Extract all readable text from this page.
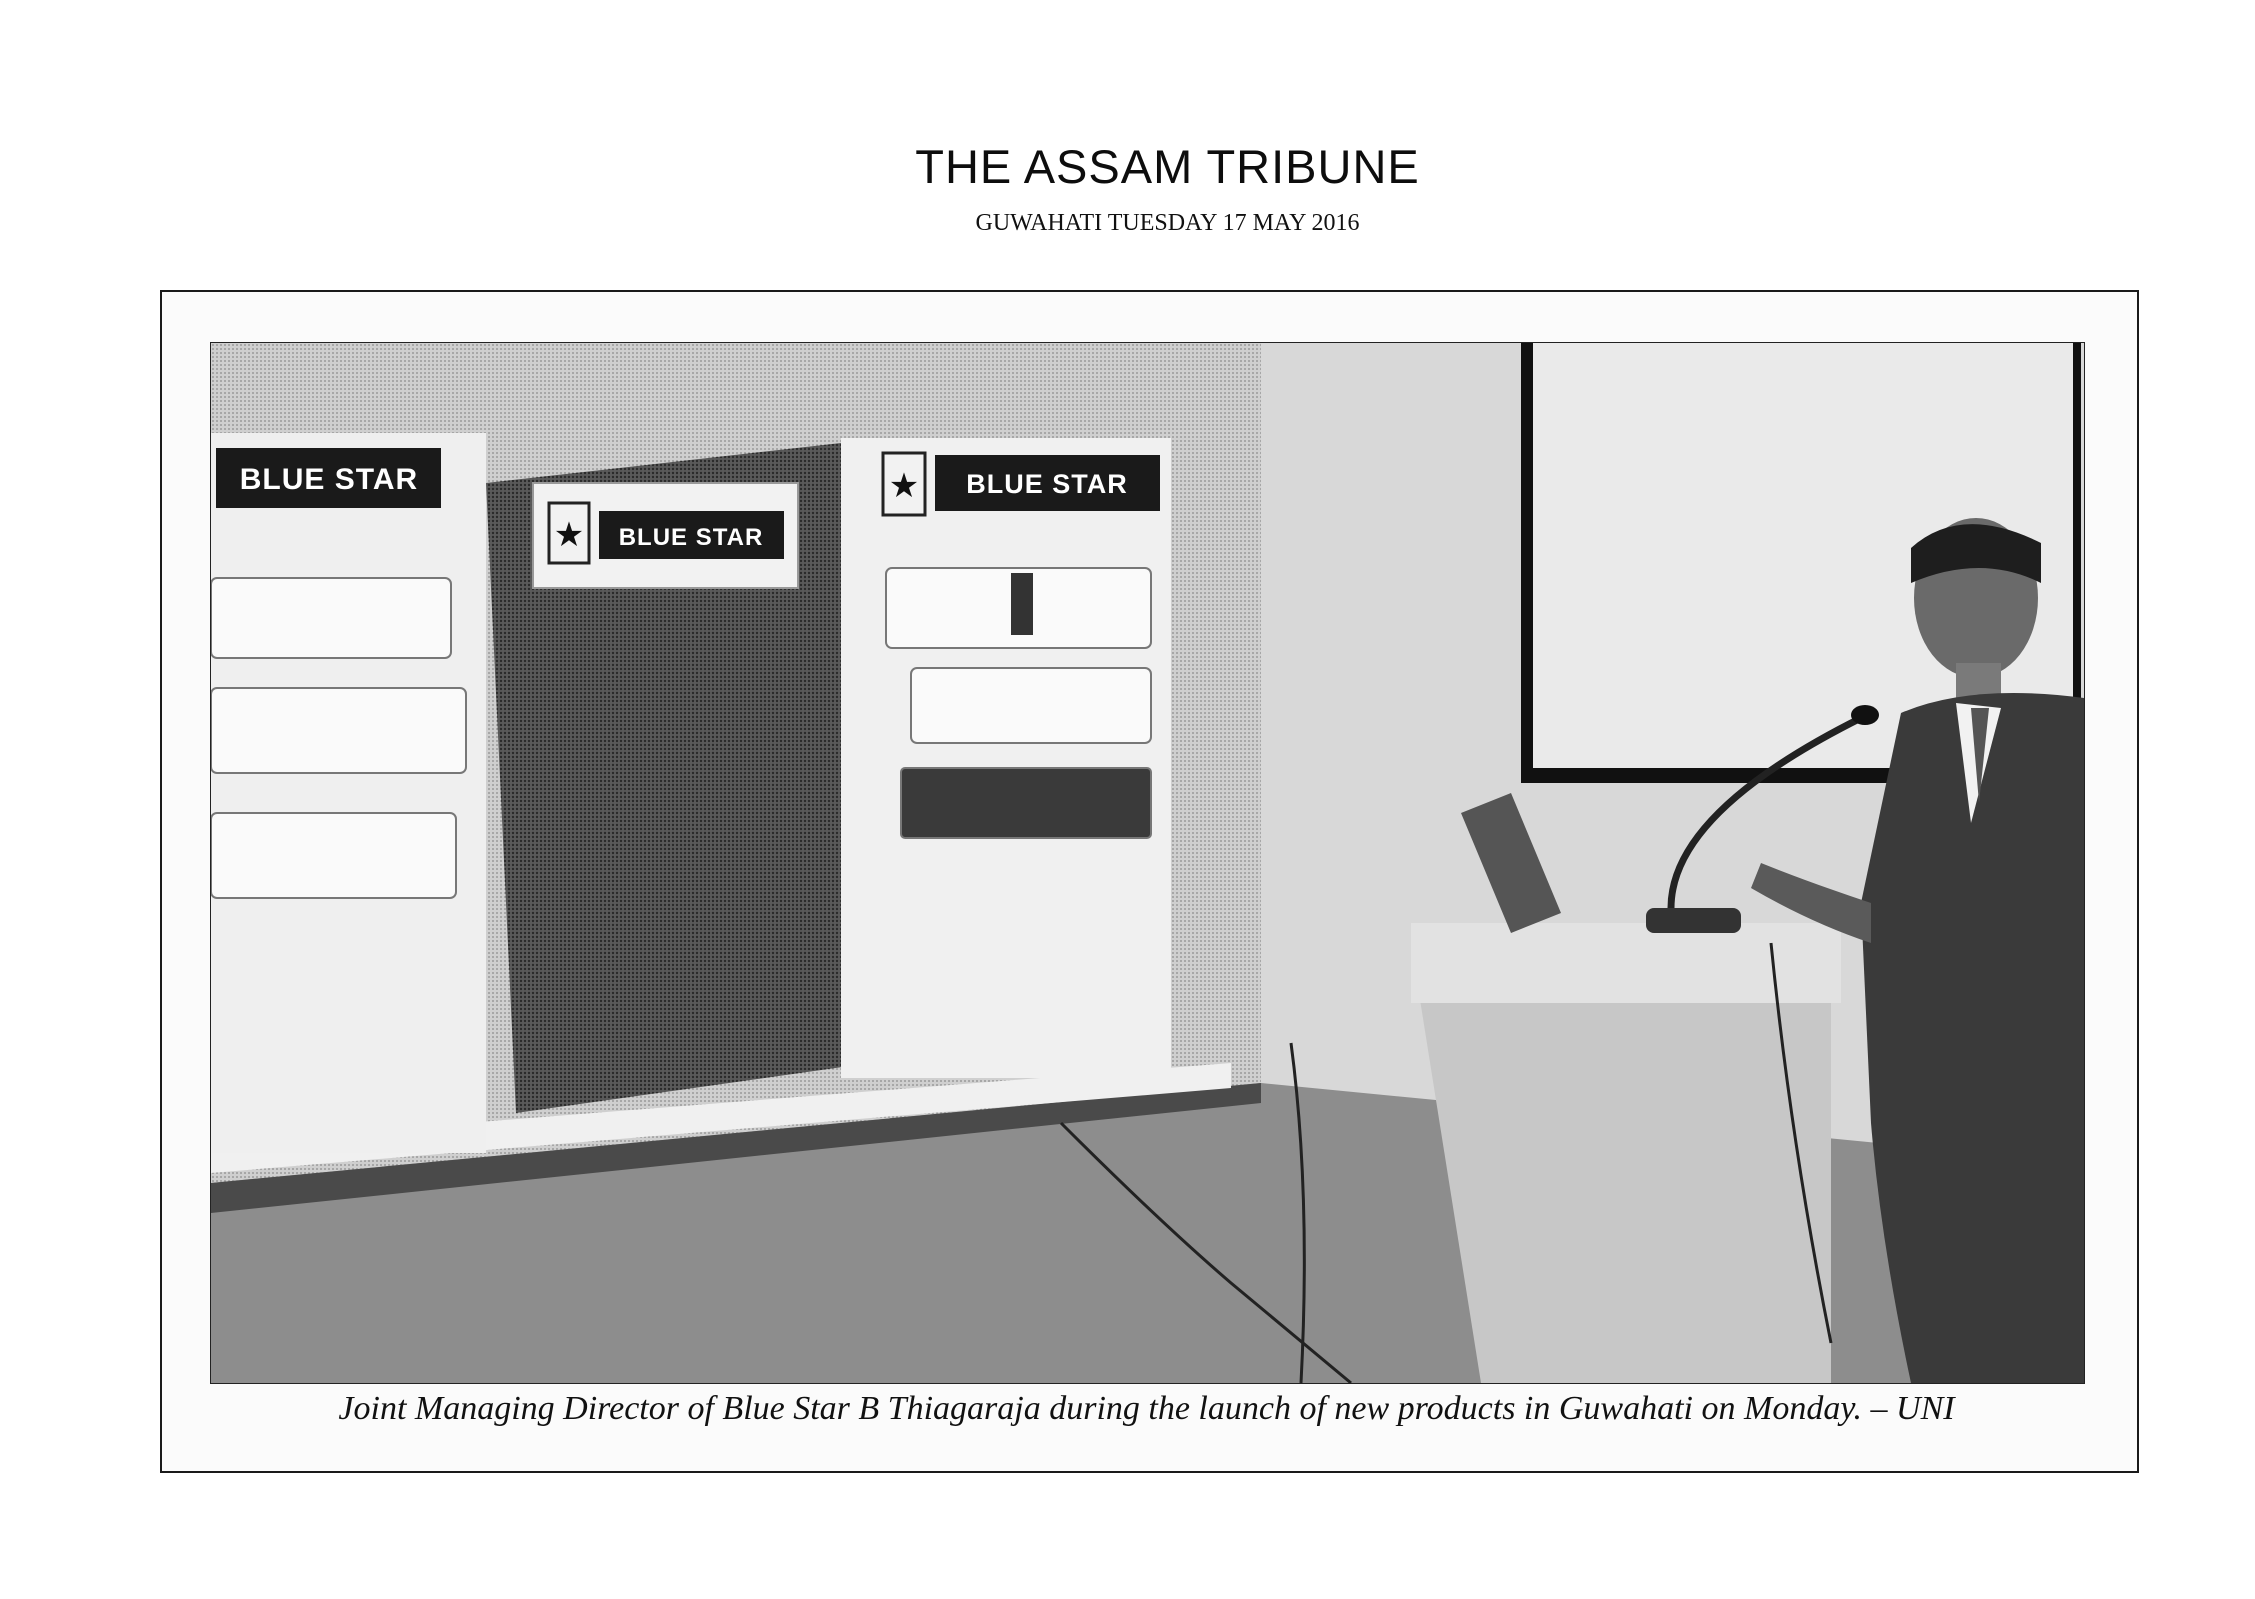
THE ASSAM TRIBUNE
GUWAHATI TUESDAY 17 MAY 2016
BLUE STAR
★ BLUE STAR
★ BLUE STAR
Joint Managing Director of Blue Star B Thiagaraja during the launch of new products in Guwahati on Monday. – UNI
